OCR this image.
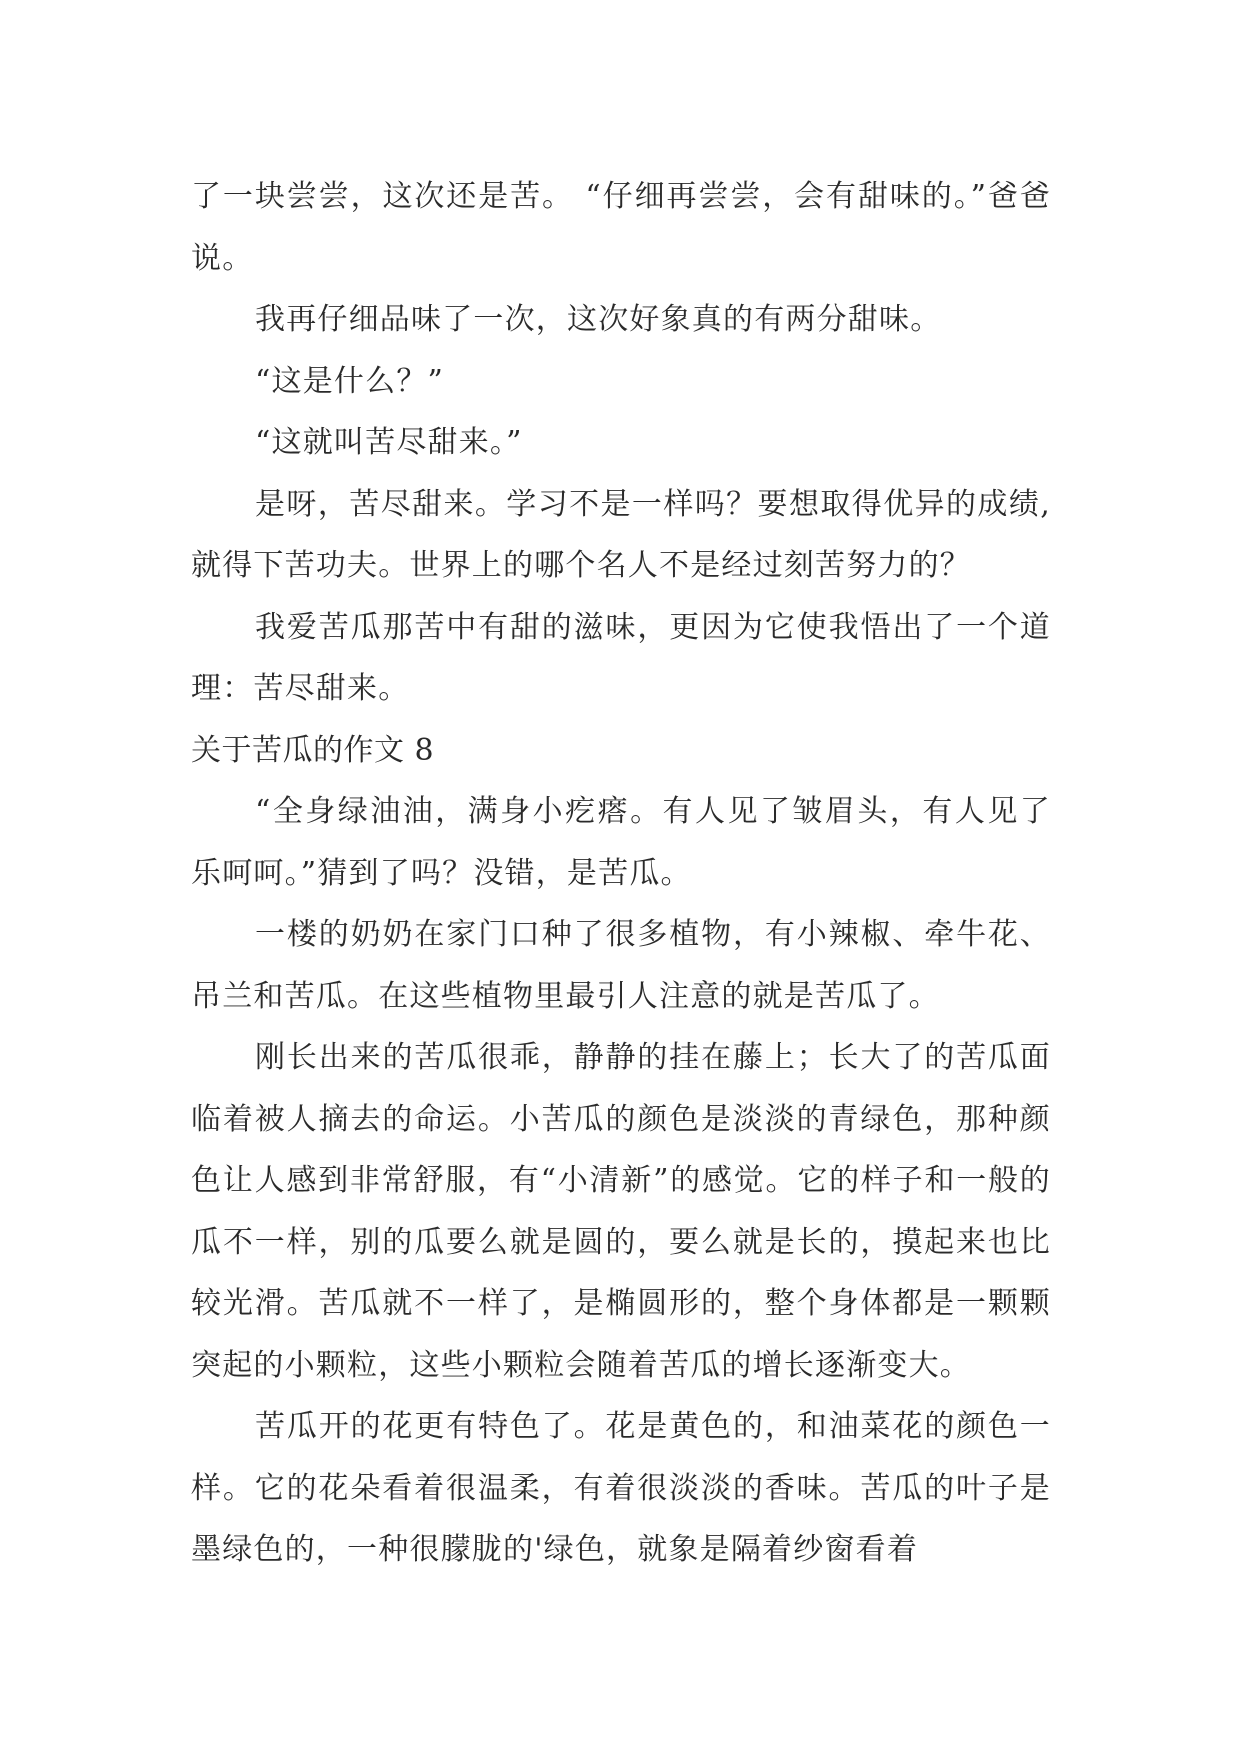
了一块尝尝，这次还是苦。 “仔细再尝尝，会有甜味的。”爸爸说。

我再仔细品味了一次，这次好象真的有两分甜味。

“这是什么？”

“这就叫苦尽甜来。”

是呀，苦尽甜来。学习不是一样吗？要想取得优异的成绩,就得下苦功夫。世界上的哪个名人不是经过刻苦努力的？

我爱苦瓜那苦中有甜的滋味，更因为它使我悟出了一个道理：苦尽甜来。

关于苦瓜的作文 8

“全身绿油油，满身小疙瘩。有人见了皱眉头，有人见了乐呵呵。”猜到了吗？没错，是苦瓜。

一楼的奶奶在家门口种了很多植物，有小辣椒、牵牛花、吊兰和苦瓜。在这些植物里最引人注意的就是苦瓜了。

刚长出来的苦瓜很乖，静静的挂在藤上；长大了的苦瓜面临着被人摘去的命运。小苦瓜的颜色是淡淡的青绿色，那种颜色让人感到非常舒服，有“小清新”的感觉。它的样子和一般的瓜不一样，别的瓜要么就是圆的，要么就是长的，摸起来也比较光滑。苦瓜就不一样了，是椭圆形的，整个身体都是一颗颗突起的小颗粒，这些小颗粒会随着苦瓜的增长逐渐变大。

苦瓜开的花更有特色了。花是黄色的，和油菜花的颜色一样。它的花朵看着很温柔，有着很淡淡的香味。苦瓜的叶子是墨绿色的，一种很朦胧的'绿色，就象是隔着纱窗看着
